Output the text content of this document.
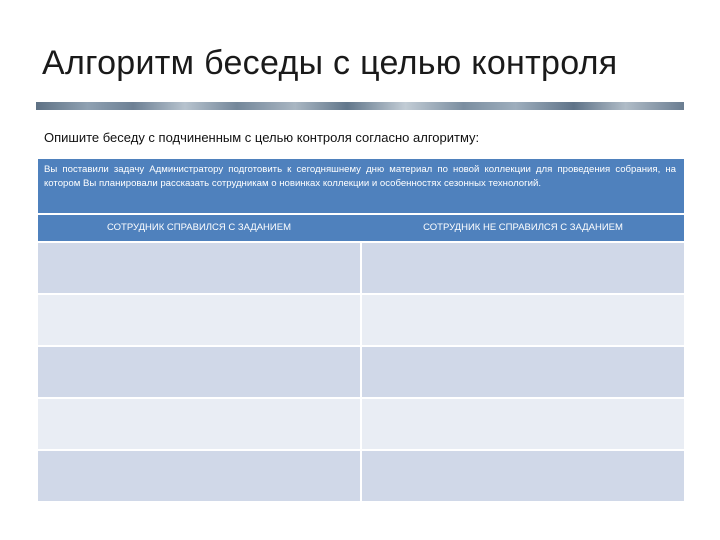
Алгоритм беседы с целью контроля
Опишите беседу с подчиненным с целью контроля согласно алгоритму:
Вы поставили задачу Администратору подготовить к сегодняшнему дню материал по новой коллекции для проведения собрания, на котором Вы планировали рассказать сотрудникам о новинках коллекции и особенностях сезонных технологий.
СОТРУДНИК СПРАВИЛСЯ С ЗАДАНИЕМ	СОТРУДНИК НЕ СПРАВИЛСЯ С ЗАДАНИЕМ
